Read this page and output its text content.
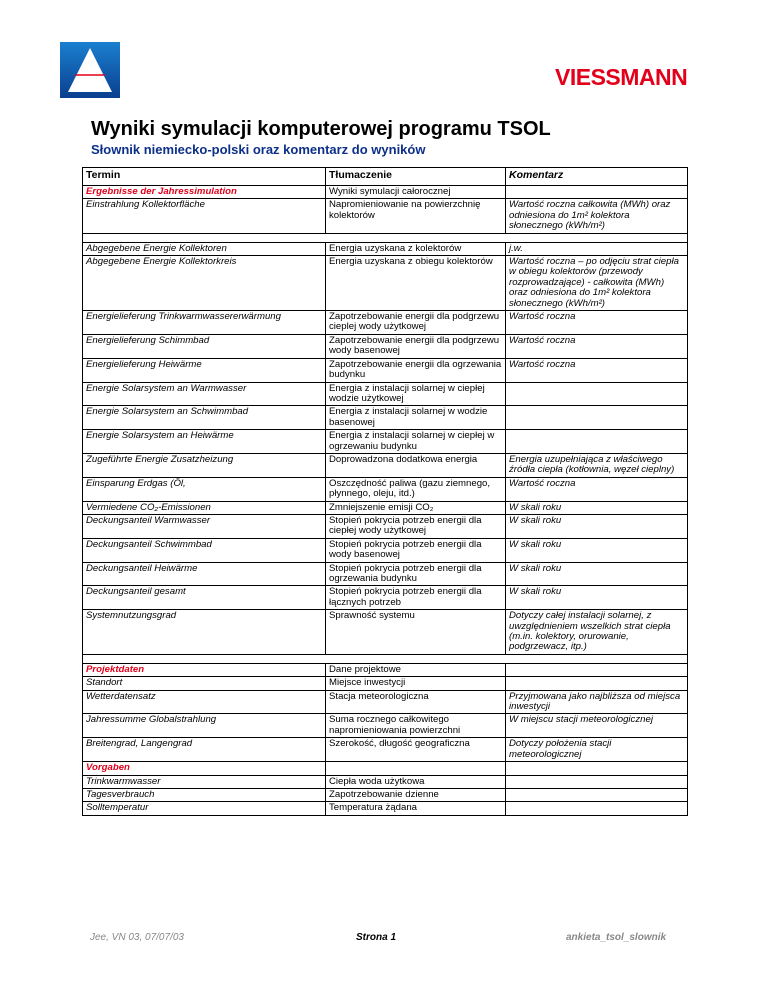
VIESSMANN
Wyniki symulacji komputerowej programu TSOL
Słownik niemiecko-polski oraz komentarz do wyników
Termin	Tłumaczenie	Komentarz
Ergebnisse der Jahressimulation	Wyniki symulacji całorocznej	
Einstrahlung Kollektorfläche	Napromieniowanie na powierzchnię kolektorów	Wartość roczna całkowita (MWh) oraz odniesiona do 1m² kolektora słonecznego (kWh/m²)

Abgegebene Energie Kollektoren	Energia uzyskana z kolektorów	j.w.
Abgegebene Energie Kollektorkreis	Energia uzyskana z obiegu kolektorów	Wartość roczna – po odjęciu strat ciepła w obiegu kolektorów (przewody rozprowadzające) - całkowita (MWh) oraz odniesiona do 1m² kolektora słonecznego (kWh/m²)
Energielieferung Trinkwarmwassererwärmung	Zapotrzebowanie energii dla podgrzewu cieplej wody użytkowej	Wartość roczna
Energielieferung Schimmbad	Zapotrzebowanie energii dla podgrzewu wody basenowej	Wartość roczna
Energielieferung Heiwärme	Zapotrzebowanie energii dla ogrzewania budynku	Wartość roczna
Energie Solarsystem an Warmwasser	Energia z instalacji solarnej w ciepłej wodzie użytkowej	
Energie Solarsystem an Schwimmbad	Energia z instalacji solarnej w wodzie basenowej	
Energie Solarsystem an Heiwärme	Energia z instalacji solarnej w ciepłej w ogrzewaniu budynku	
Zugeführte Energie Zusatzheizung	Doprowadzona dodatkowa energia	Energia uzupełniająca z właściwego źródła ciepła (kotłownia, węzeł cieplny)
Einsparung Erdgas (Öl,	Oszczędność paliwa (gazu ziemnego, płynnego, oleju, itd.)	Wartość roczna
Vermiedene CO₂-Emissionen	Zmniejszenie emisji CO₂	W skali roku
Deckungsanteil Warmwasser	Stopień pokrycia potrzeb energii dla ciepłej wody użytkowej	W skali roku
Deckungsanteil Schwimmbad	Stopień pokrycia potrzeb energii dla wody basenowej	W skali roku
Deckungsanteil Heiwärme	Stopień pokrycia potrzeb energii dla ogrzewania budynku	W skali roku
Deckungsanteil gesamt	Stopień pokrycia potrzeb energii dla łącznych potrzeb	W skali roku
Systemnutzungsgrad	Sprawność systemu	Dotyczy całej instalacji solarnej, z uwzględnieniem wszelkich strat ciepła (m.in. kolektory, orurowanie, podgrzewacz, itp.)

Projektdaten	Dane projektowe	
Standort	Miejsce inwestycji	
Wetterdatensatz	Stacja meteorologiczna	Przyjmowana jako najbliższa od miejsca inwestycji
Jahressumme Globalstrahlung	Suma rocznego całkowitego napromieniowania powierzchni	W miejscu stacji meteorologicznej
Breitengrad, Langengrad	Szerokość, długość geograficzna	Dotyczy położenia stacji meteorologicznej
Vorgaben		
Trinkwarmwasser	Ciepła woda użytkowa	
Tagesverbrauch	Zapotrzebowanie dzienne	
Solltemperatur	Temperatura żądana	
Jee, VN 03, 07/07/03	Strona 1	ankieta_tsol_slownik
